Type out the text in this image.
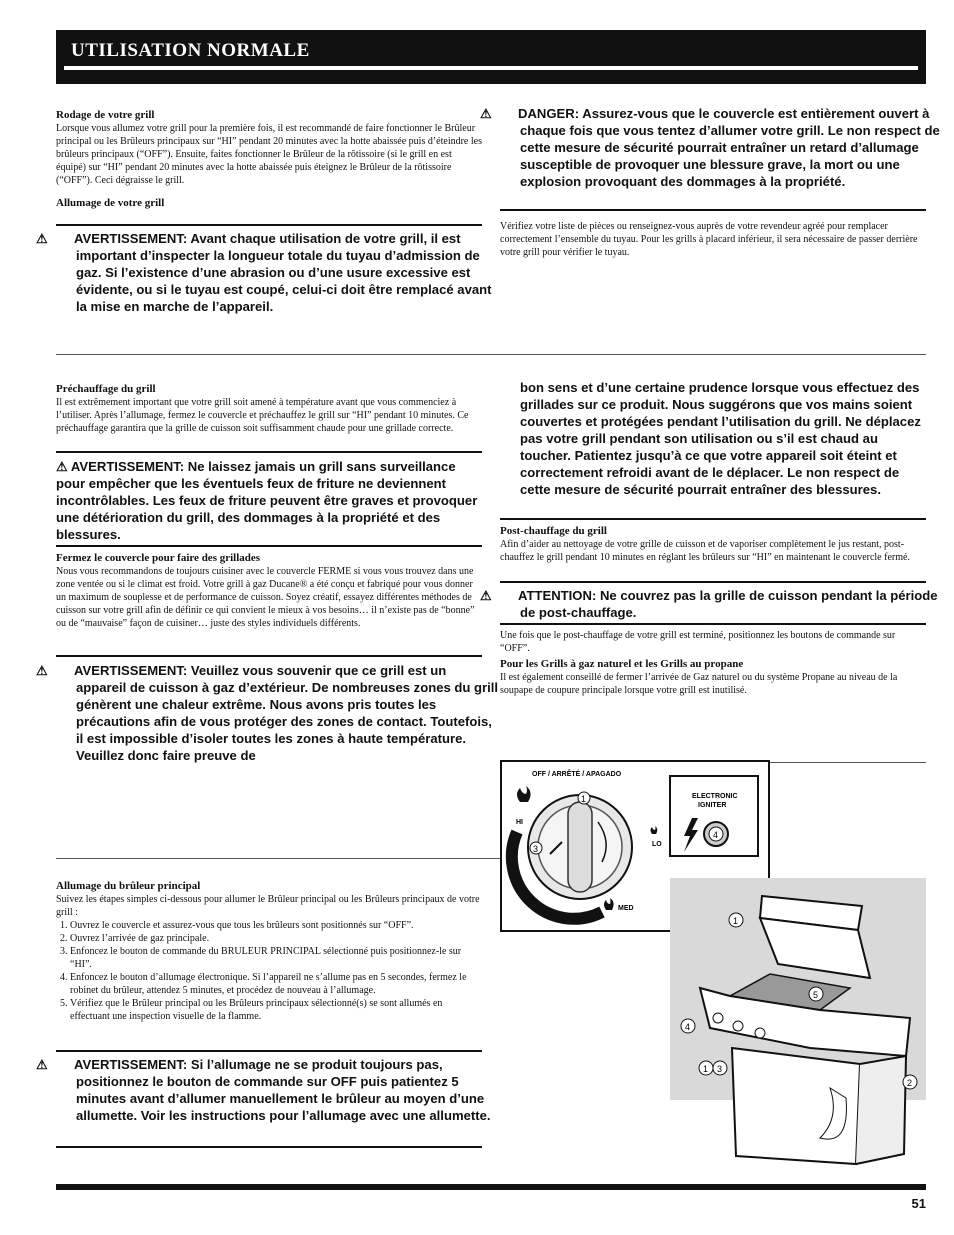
UTILISATION NORMALE
Rodage de votre grill
Lorsque vous allumez votre grill pour la première fois, il est recommandé de faire fonctionner le Brûleur principal ou les Brûleurs principaux sur “HI” pendant 20 minutes avec la hotte abaissée puis d’éteindre les brûleurs principaux (“OFF”). Ensuite, faites fonctionner le Brûleur de la rôtissoire (si le grill en est équipé) sur “HI” pendant 20 minutes avec la hotte abaissée puis éteignez le Brûleur de la rôtissoire (“OFF”). Ceci dégraisse le grill.
Allumage de votre grill
⚠ AVERTISSEMENT: Avant chaque utilisation de votre grill, il est important d’inspecter la longueur totale du tuyau d’admission de gaz. Si l’existence d’une abrasion ou d’une usure excessive est évidente, ou si le tuyau est coupé, celui-ci doit être remplacé avant la mise en marche de l’appareil.
⚠ DANGER: Assurez-vous que le couvercle est entièrement ouvert à chaque fois que vous tentez d’allumer votre grill. Le non respect de cette mesure de sécurité pourrait entraîner un retard d’allumage susceptible de provoquer une blessure grave, la mort ou une explosion provoquant des dommages à la propriété.
Vérifiez votre liste de pièces ou renseignez-vous auprès de votre revendeur agréé pour remplacer correctement l’ensemble du tuyau. Pour les grills à placard inférieur, il sera nécessaire de passer derrière votre grill pour vérifier le tuyau.
Préchauffage du grill
Il est extrêmement important que votre grill soit amené à température avant que vous commenciez à l’utiliser. Après l’allumage, fermez le couvercle et préchauffez le grill sur “HI” pendant 10 minutes. Ce préchauffage garantira que la grille de cuisson soit suffisamment chaude pour une grillade correcte.
⚠ AVERTISSEMENT: Ne laissez jamais un grill sans surveillance pour empêcher que les éventuels feux de friture ne deviennent incontrôlables. Les feux de friture peuvent être graves et provoquer une détérioration du grill, des dommages à la propriété et des blessures.
Fermez le couvercle pour faire des grillades
Nous vous recommandons de toujours cuisiner avec le couvercle FERME si vous vous trouvez dans une zone ventée ou si le climat est froid. Votre grill à gaz Ducane® a été conçu et fabriqué pour vous donner un maximum de souplesse et de performance de cuisson. Soyez créatif, essayez différentes méthodes de cuisson sur votre grill afin de définir ce qui convient le mieux à vos besoins… il n’existe pas de “bonne” ou de “mauvaise” façon de cuisiner… juste des styles individuels différents.
⚠ AVERTISSEMENT: Veuillez vous souvenir que ce grill est un appareil de cuisson à gaz d’extérieur. De nombreuses zones du grill génèrent une chaleur extrême. Nous avons pris toutes les précautions afin de vous protéger des zones de contact. Toutefois, il est impossible d’isoler toutes les zones à haute température. Veuillez donc faire preuve de
bon sens et d’une certaine prudence lorsque vous effectuez des grillades sur ce produit. Nous suggérons que vos mains soient couvertes et protégées pendant l’utilisation du grill. Ne déplacez pas votre grill pendant son utilisation ou s’il est chaud au toucher. Patientez jusqu’à ce que votre appareil soit éteint et correctement refroidi avant de le déplacer. Le non respect de cette mesure de sécurité pourrait entraîner des blessures.
Post-chauffage du grill
Afin d’aider au nettoyage de votre grille de cuisson et de vaporiser complètement le jus restant, post-chauffez le grill pendant 10 minutes en réglant les brûleurs sur “HI” en maintenant le couvercle fermé.
⚠ ATTENTION: Ne couvrez pas la grille de cuisson pendant la période de post-chauffage.
Une fois que le post-chauffage de votre grill est terminé, positionnez les boutons de commande sur “OFF”.
Pour les Grills à gaz naturel et les Grills au propane
Il est également conseillé de fermer l’arrivée de Gaz naturel ou du système Propane au niveau de la soupape de coupure principale lorsque votre grill est inutilisé.
OFF / ARRÊTÉ / APAGADO
1
3
HI
LO
MED
ELECTRONIC
IGNITER
4
1
5
4
1 3
2
Allumage du brûleur principal
Suivez les étapes simples ci-dessous pour allumer le Brûleur principal ou les Brûleurs principaux de votre grill :
1. Ouvrez le couvercle et assurez-vous que tous les brûleurs sont positionnés sur “OFF”.
2. Ouvrez l’arrivée de gaz principale.
3. Enfoncez le bouton de commande du BRULEUR PRINCIPAL sélectionné puis positionnez-le sur “HI”.
4. Enfoncez le bouton d’allumage électronique. Si l’appareil ne s’allume pas en 5 secondes, fermez le robinet du brûleur, attendez 5 minutes, et procédez de nouveau à l’allumage.
5. Vérifiez que le Brûleur principal ou les Brûleurs principaux sélectionné(s) se sont allumés en effectuant une inspection visuelle de la flamme.
⚠ AVERTISSEMENT: Si l’allumage ne se produit toujours pas, positionnez le bouton de commande sur OFF puis patientez 5 minutes avant d’allumer manuellement le brûleur au moyen d’une allumette. Voir les instructions pour l’allumage avec une allumette.
51
